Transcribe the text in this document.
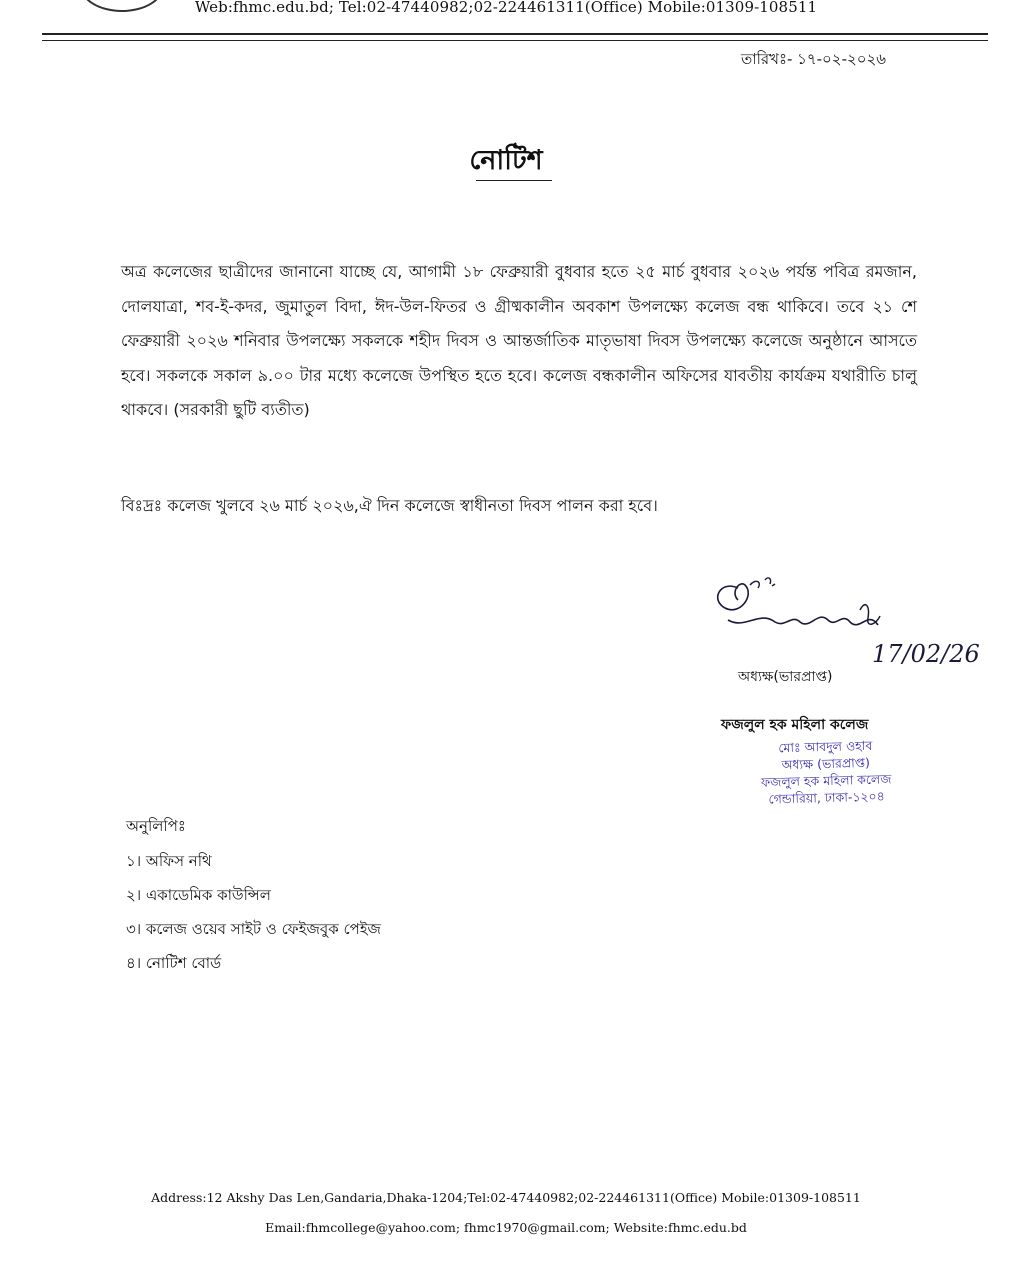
Web:fhmc.edu.bd; Tel:02-47440982;02-224461311(Office) Mobile:01309-108511
তারিখঃ- ১৭-০২-২০২৬
নোটিশ
অত্র কলেজের ছাত্রীদের জানানো যাচ্ছে যে, আগামী ১৮ ফেব্রুয়ারী বুধবার হতে ২৫ মার্চ বুধবার ২০২৬ পর্যন্ত পবিত্র রমজান, দোলযাত্রা, শব-ই-কদর, জুমাতুল বিদা, ঈদ-উল-ফিতর ও গ্রীষ্মকালীন অবকাশ উপলক্ষ্যে কলেজ বন্ধ থাকিবে। তবে ২১ শে ফেব্রুয়ারী ২০২৬ শনিবার উপলক্ষ্যে সকলকে শহীদ দিবস ও আন্তর্জাতিক মাতৃভাষা দিবস উপলক্ষ্যে কলেজে অনুষ্ঠানে আসতে হবে। সকলকে সকাল ৯.০০ টার মধ্যে কলেজে উপস্থিত হতে হবে। কলেজ বন্ধকালীন অফিসের যাবতীয় কার্যক্রম যথারীতি চালু থাকবে। (সরকারী ছুটি ব্যতীত)
বিঃদ্রঃ কলেজ খুলবে ২৬ মার্চ ২০২৬,ঐ দিন কলেজে স্বাধীনতা দিবস পালন করা হবে।
17/02/26
অধ্যক্ষ(ভারপ্রাপ্ত)
ফজলুল হক মহিলা কলেজ
মোঃ আবদুল ওহাব
অধ্যক্ষ (ভারপ্রাপ্ত)
ফজলুল হক মহিলা কলেজ
গেন্ডারিয়া, ঢাকা-১২০৪
অনুলিপিঃ
১। অফিস নথি
২। একাডেমিক কাউন্সিল
৩। কলেজ ওয়েব সাইট ও ফেইজবুক পেইজ
৪। নোটিশ বোর্ড
Address:12 Akshy Das Len,Gandaria,Dhaka-1204;Tel:02-47440982;02-224461311(Office) Mobile:01309-108511
Email:fhmcollege@yahoo.com; fhmc1970@gmail.com; Website:fhmc.edu.bd
